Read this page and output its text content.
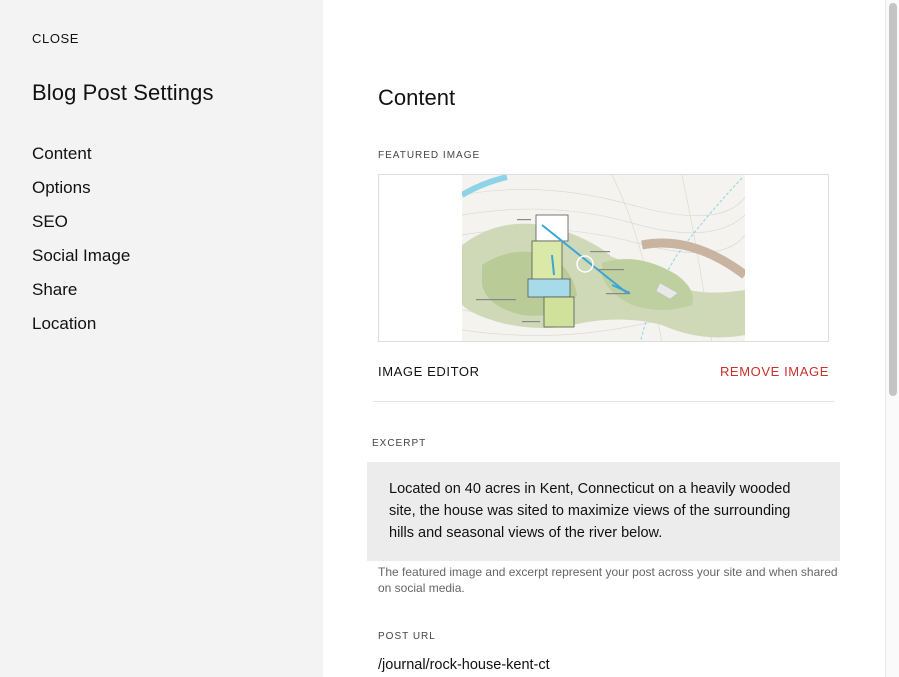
CLOSE
Blog Post Settings
Content
Options
SEO
Social Image
Share
Location
Content
FEATURED IMAGE
IMAGE EDITOR	REMOVE IMAGE
EXCERPT
Located on 40 acres in Kent, Connecticut on a heavily wooded site, the house was sited to maximize views of the surrounding hills and seasonal views of the river below.

The featured image and excerpt represent your post across your site and when shared on social media.

POST URL
/journal/rock-house-kent-ct
